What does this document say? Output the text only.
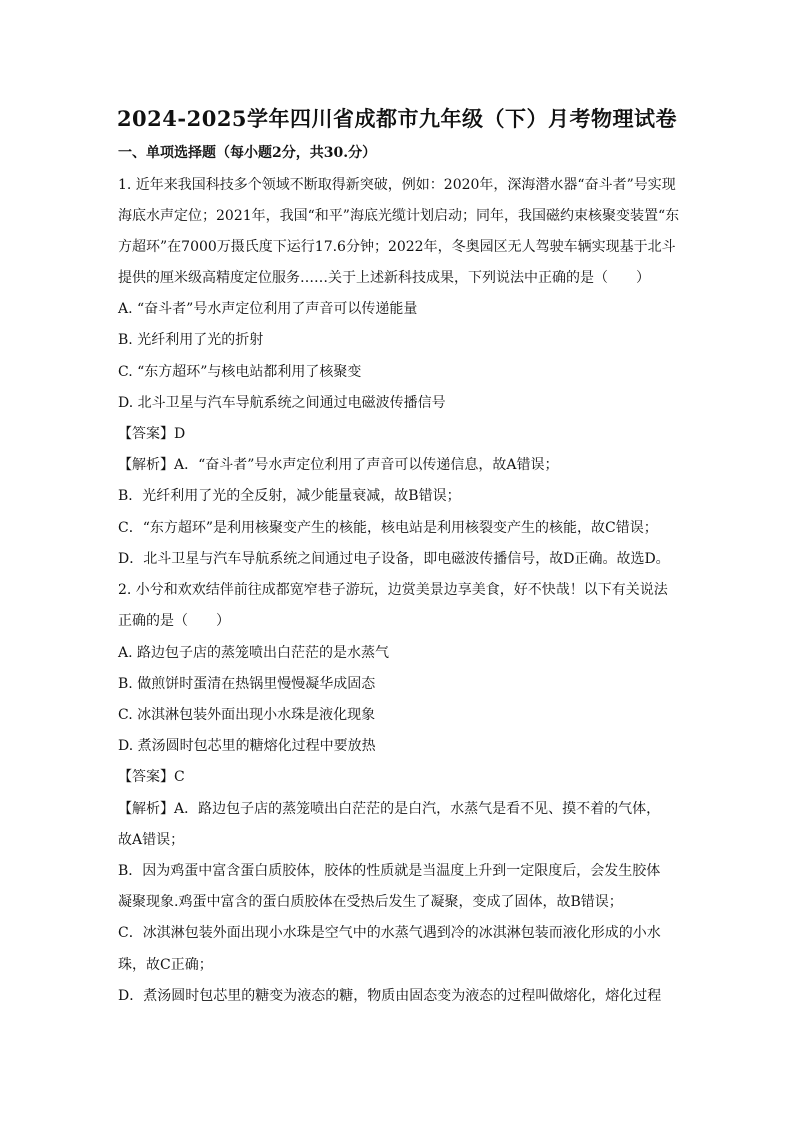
2024-2025学年四川省成都市九年级（下）月考物理试卷
一、单项选择题（每小题2分，共30.分）
1. 近年来我国科技多个领域不断取得新突破，例如：2020年，深海潜水器“奋斗者”号实现
海底水声定位；2021年，我国“和平”海底光缆计划启动；同年，我国磁约束核聚变装置“东
方超环”在7000万摄氏度下运行17.6分钟；2022年，冬奥园区无人驾驶车辆实现基于北斗
提供的厘米级高精度定位服务……关于上述新科技成果，下列说法中正确的是（　　）
A. “奋斗者”号水声定位利用了声音可以传递能量
B. 光纤利用了光的折射
C. “东方超环”与核电站都利用了核聚变
D. 北斗卫星与汽车导航系统之间通过电磁波传播信号
【答案】D
【解析】A．“奋斗者”号水声定位利用了声音可以传递信息，故A错误；
B．光纤利用了光的全反射，减少能量衰减，故B错误；
C．“东方超环”是利用核聚变产生的核能，核电站是利用核裂变产生的核能，故C错误；
D．北斗卫星与汽车导航系统之间通过电子设备，即电磁波传播信号，故D正确。故选D。
2. 小兮和欢欢结伴前往成都宽窄巷子游玩，边赏美景边享美食，好不快哉！以下有关说法
正确的是（　　）
A. 路边包子店的蒸笼喷出白茫茫的是水蒸气
B. 做煎饼时蛋清在热锅里慢慢凝华成固态
C. 冰淇淋包装外面出现小水珠是液化现象
D. 煮汤圆时包芯里的糖熔化过程中要放热
【答案】C
【解析】A．路边包子店的蒸笼喷出白茫茫的是白汽，水蒸气是看不见、摸不着的气体，
故A错误；
B．因为鸡蛋中富含蛋白质胶体，胶体的性质就是当温度上升到一定限度后，会发生胶体
凝聚现象.鸡蛋中富含的蛋白质胶体在受热后发生了凝聚，变成了固体，故B错误；
C．冰淇淋包装外面出现小水珠是空气中的水蒸气遇到冷的冰淇淋包装而液化形成的小水
珠，故C正确；
D．煮汤圆时包芯里的糖变为液态的糖，物质由固态变为液态的过程叫做熔化，熔化过程
